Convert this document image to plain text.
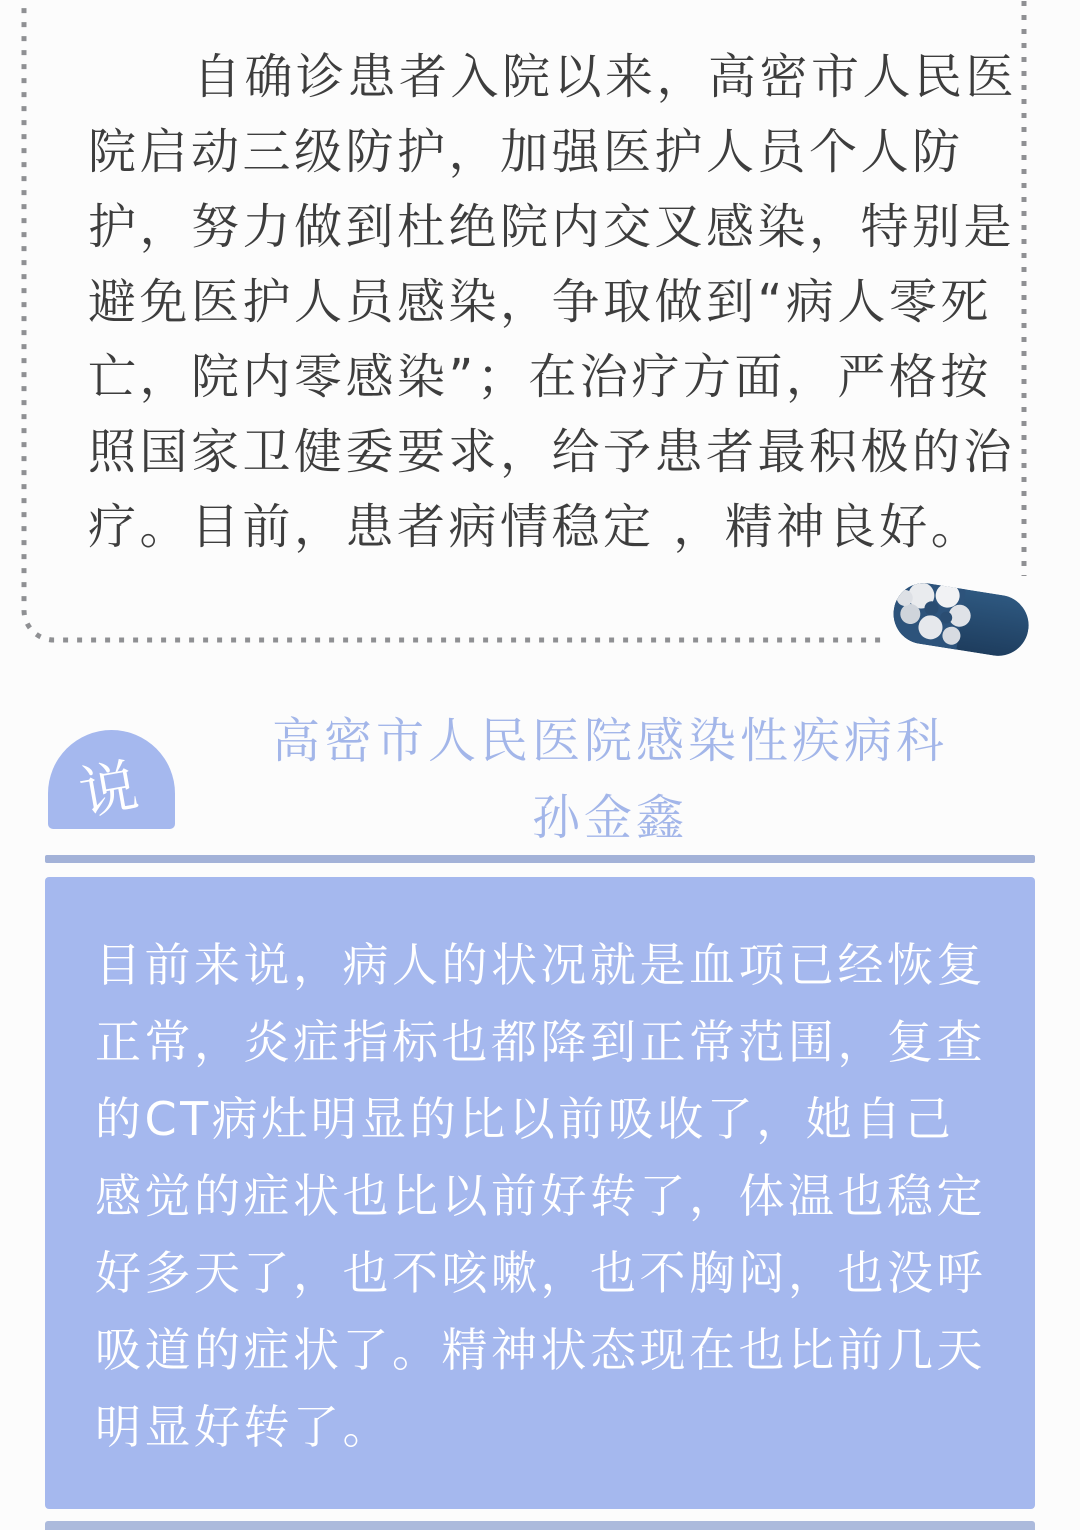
自确诊患者入院以来，高密市人民医
院启动三级防护，加强医护人员个人防
护，努力做到杜绝院内交叉感染，特别是
避免医护人员感染，争取做到“病人零死
亡，院内零感染”；在治疗方面，严格按
照国家卫健委要求，给予患者最积极的治
疗。目前，患者病情稳定 ，精神良好。
说
高密市人民医院感染性疾病科
孙金鑫
目前来说，病人的状况就是血项已经恢复
正常，炎症指标也都降到正常范围，复查
的CT病灶明显的比以前吸收了，她自己
感觉的症状也比以前好转了，体温也稳定
好多天了，也不咳嗽，也不胸闷，也没呼
吸道的症状了。精神状态现在也比前几天
明显好转了。
